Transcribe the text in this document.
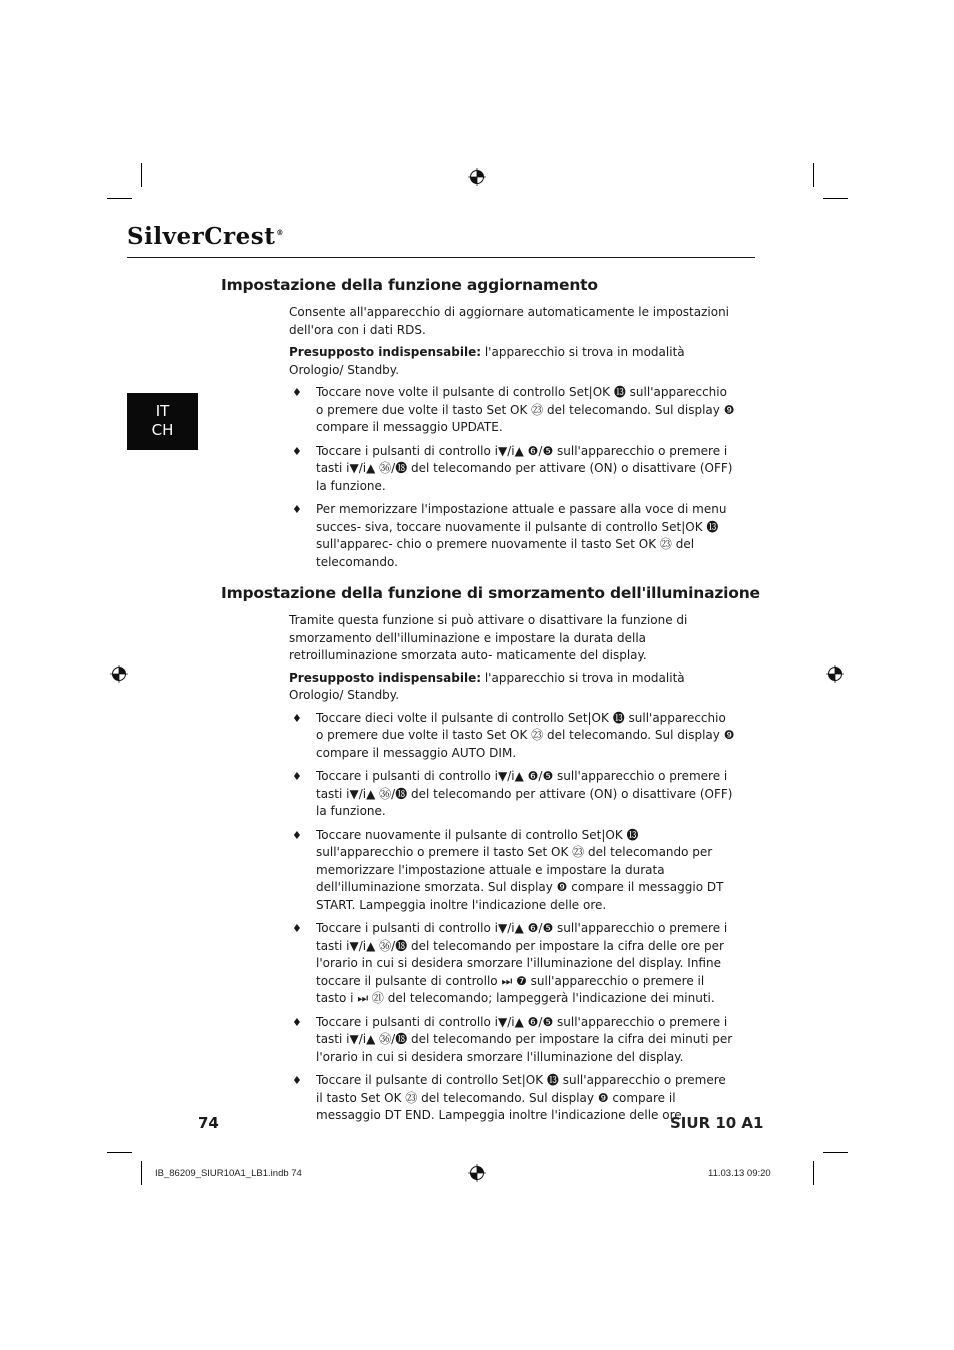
SilverCrest®
IT
CH
Impostazione della funzione aggiornamento

Consente all'apparecchio di aggiornare automaticamente le impostazioni dell'ora con i dati RDS.

Presupposto indispensabile: l'apparecchio si trova in modalità Orologio/ Standby.

♦ Toccare nove volte il pulsante di controllo Set|OK ⓭ sull'apparecchio o premere due volte il tasto Set OK ㉓ del telecomando. Sul display ❾ compare il messaggio UPDATE.
♦ Toccare i pulsanti di controllo i▼/i▲ ❻/❺ sull'apparecchio o premere i tasti i▼/i▲ ㊱/⓲ del telecomando per attivare (ON) o disattivare (OFF) la funzione.
♦ Per memorizzare l'impostazione attuale e passare alla voce di menu succes- siva, toccare nuovamente il pulsante di controllo Set|OK ⓭ sull'apparec- chio o premere nuovamente il tasto Set OK ㉓ del telecomando.
Impostazione della funzione di smorzamento dell'illuminazione

Tramite questa funzione si può attivare o disattivare la funzione di smorzamento dell'illuminazione e impostare la durata della retroilluminazione smorzata auto- maticamente del display.

Presupposto indispensabile: l'apparecchio si trova in modalità Orologio/ Standby.

♦ Toccare dieci volte il pulsante di controllo Set|OK ⓭ sull'apparecchio o premere due volte il tasto Set OK ㉓ del telecomando. Sul display ❾ compare il messaggio AUTO DIM.
♦ Toccare i pulsanti di controllo i▼/i▲ ❻/❺ sull'apparecchio o premere i tasti i▼/i▲ ㊱/⓲ del telecomando per attivare (ON) o disattivare (OFF) la funzione.
♦ Toccare nuovamente il pulsante di controllo Set|OK ⓭ sull'apparecchio o premere il tasto Set OK ㉓ del telecomando per memorizzare l'impostazione attuale e impostare la durata dell'illuminazione smorzata. Sul display ❾ compare il messaggio DT START. Lampeggia inoltre l'indicazione delle ore.
♦ Toccare i pulsanti di controllo i▼/i▲ ❻/❺ sull'apparecchio o premere i tasti i▼/i▲ ㊱/⓲ del telecomando per impostare la cifra delle ore per l'orario in cui si desidera smorzare l'illuminazione del display. Infine toccare il pulsante di controllo ⏭ ❼ sull'apparecchio o premere il tasto i ⏭ ㉑ del telecomando; lampeggerà l'indicazione dei minuti.
♦ Toccare i pulsanti di controllo i▼/i▲ ❻/❺ sull'apparecchio o premere i tasti i▼/i▲ ㊱/⓲ del telecomando per impostare la cifra dei minuti per l'orario in cui si desidera smorzare l'illuminazione del display.
♦ Toccare il pulsante di controllo Set|OK ⓭ sull'apparecchio o premere il tasto Set OK ㉓ del telecomando. Sul display ❾ compare il messaggio DT END. Lampeggia inoltre l'indicazione delle ore.
74	SIUR 10 A1
IB_86209_SIUR10A1_LB1.indb 74	11.03.13 09:20
